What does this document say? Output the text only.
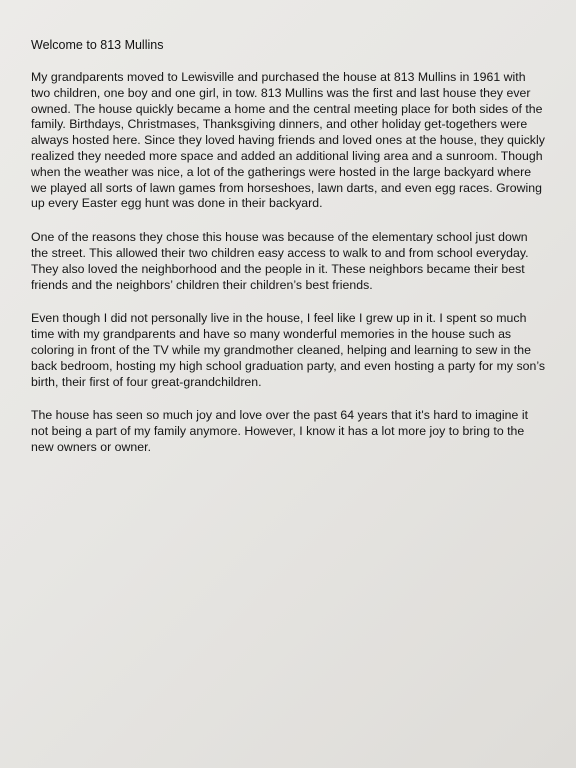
Welcome to 813 Mullins

My grandparents moved to Lewisville and purchased the house at 813 Mullins in 1961 with two children, one boy and one girl, in tow. 813 Mullins was the first and last house they ever owned. The house quickly became a home and the central meeting place for both sides of the family. Birthdays, Christmases, Thanksgiving dinners, and other holiday get-togethers were always hosted here. Since they loved having friends and loved ones at the house, they quickly realized they needed more space and added an additional living area and a sunroom. Though when the weather was nice, a lot of the gatherings were hosted in the large backyard where we played all sorts of lawn games from horseshoes, lawn darts, and even egg races. Growing up every Easter egg hunt was done in their backyard.

One of the reasons they chose this house was because of the elementary school just down the street. This allowed their two children easy access to walk to and from school everyday. They also loved the neighborhood and the people in it. These neighbors became their best friends and the neighbors’ children their children’s best friends.

Even though I did not personally live in the house, I feel like I grew up in it. I spent so much time with my grandparents and have so many wonderful memories in the house such as coloring in front of the TV while my grandmother cleaned, helping and learning to sew in the back bedroom, hosting my high school graduation party, and even hosting a party for my son’s birth, their first of four great-grandchildren.

The house has seen so much joy and love over the past 64 years that it's hard to imagine it not being a part of my family anymore. However, I know it has a lot more joy to bring to the new owners or owner.
